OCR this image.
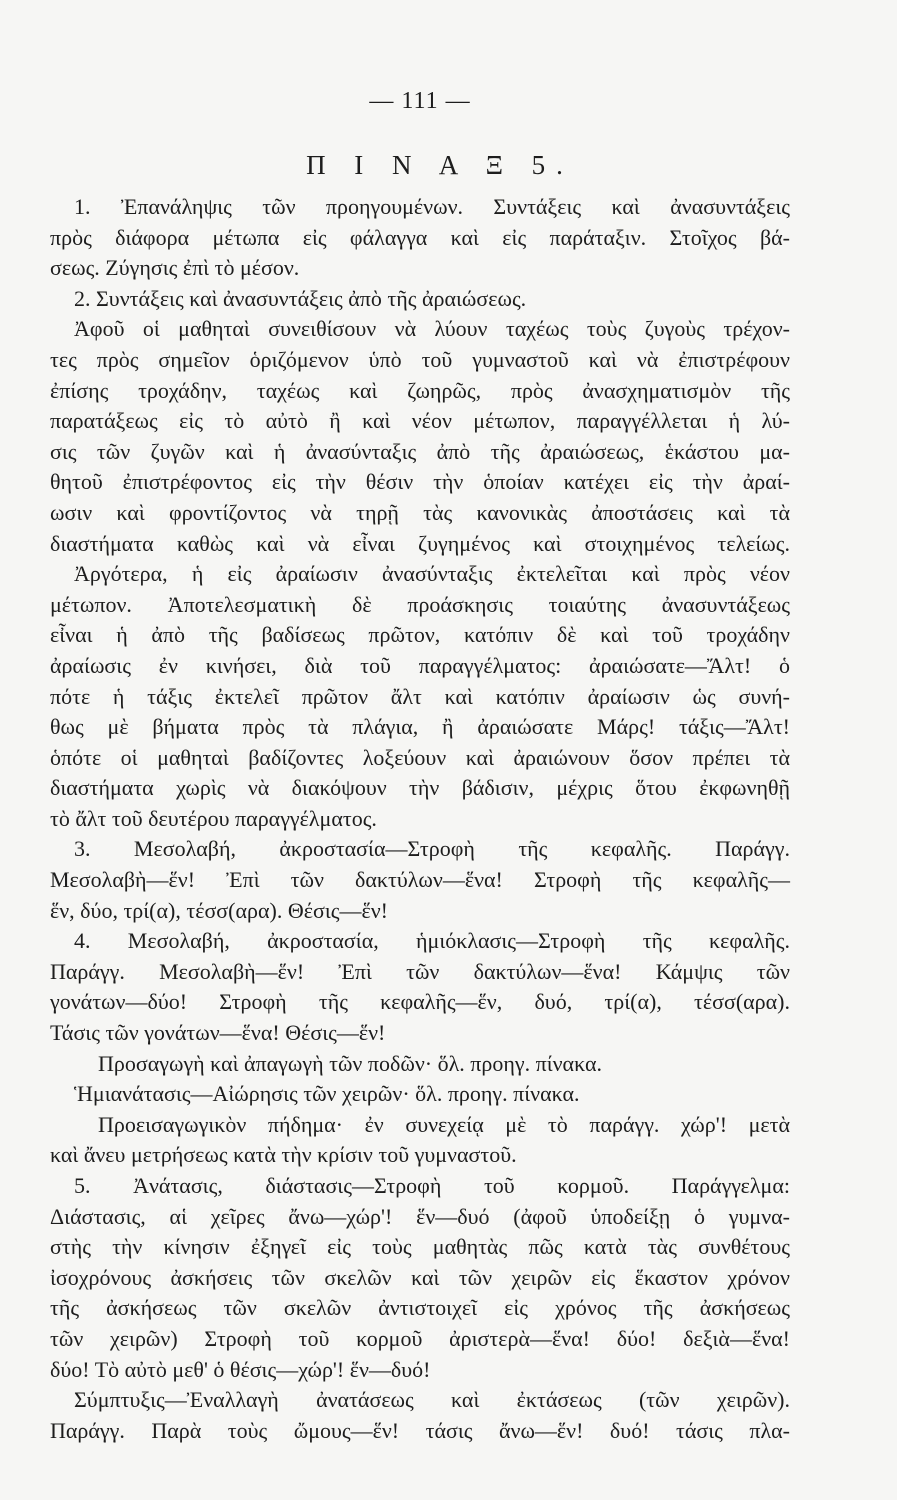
— 111 —
Π Ι Ν Α Ξ 5.
1. Ἐπανάληψις τῶν προηγουμένων. Συντάξεις καὶ ἀνασυντάξεις
πρὸς διάφορα μέτωπα εἰς φάλαγγα καὶ εἰς παράταξιν. Στοῖχος βά-
σεως. Ζύγησις ἐπὶ τὸ μέσον.
2. Συντάξεις καὶ ἀνασυντάξεις ἀπὸ τῆς ἀραιώσεως.
Ἀφοῦ οἱ μαθηταὶ συνειθίσουν νὰ λύουν ταχέως τοὺς ζυγοὺς τρέχον-
τες πρὸς σημεῖον ὁριζόμενον ὑπὸ τοῦ γυμναστοῦ καὶ νὰ ἐπιστρέφουν
ἐπίσης τροχάδην, ταχέως καὶ ζωηρῶς, πρὸς ἀνασχηματισμὸν τῆς
παρατάξεως εἰς τὸ αὐτὸ ἢ καὶ νέον μέτωπον, παραγγέλλεται ἡ λύ-
σις τῶν ζυγῶν καὶ ἡ ἀνασύνταξις ἀπὸ τῆς ἀραιώσεως, ἑκάστου μα-
θητοῦ ἐπιστρέφοντος εἰς τὴν θέσιν τὴν ὁποίαν κατέχει εἰς τὴν ἀραί-
ωσιν καὶ φροντίζοντος νὰ τηρῇ τὰς κανονικὰς ἀποστάσεις καὶ τὰ
διαστήματα καθὼς καὶ νὰ εἶναι ζυγημένος καὶ στοιχημένος τελείως.
Ἀργότερα, ἡ εἰς ἀραίωσιν ἀνασύνταξις ἐκτελεῖται καὶ πρὸς νέον
μέτωπον. Ἀποτελεσματικὴ δὲ προάσκησις τοιαύτης ἀνασυντάξεως
εἶναι ἡ ἀπὸ τῆς βαδίσεως πρῶτον, κατόπιν δὲ καὶ τοῦ τροχάδην
ἀραίωσις ἐν κινήσει, διὰ τοῦ παραγγέλματος: ἀραιώσατε—Ἄλτ! ὁ
πότε ἡ τάξις ἐκτελεῖ πρῶτον ἄλτ καὶ κατόπιν ἀραίωσιν ὡς συνή-
θως μὲ βήματα πρὸς τὰ πλάγια, ἢ ἀραιώσατε Μάρς! τάξις—Ἄλτ!
ὁπότε οἱ μαθηταὶ βαδίζοντες λοξεύουν καὶ ἀραιώνουν ὅσον πρέπει τὰ
διαστήματα χωρὶς νὰ διακόψουν τὴν βάδισιν, μέχρις ὅτου ἐκφωνηθῇ
τὸ ἄλτ τοῦ δευτέρου παραγγέλματος.
3. Μεσολαβή, ἀκροστασία—Στροφὴ τῆς κεφαλῆς. Παράγγ.
Μεσολαβὴ—ἕν! Ἐπὶ τῶν δακτύλων—ἕνα! Στροφὴ τῆς κεφαλῆς—
ἕν, δύο, τρί(α), τέσσ(αρα). Θέσις—ἕν!
4. Μεσολαβή, ἀκροστασία, ἡμιόκλασις—Στροφὴ τῆς κεφαλῆς.
Παράγγ. Μεσολαβὴ—ἕν! Ἐπὶ τῶν δακτύλων—ἕνα! Κάμψις τῶν
γονάτων—δύο! Στροφὴ τῆς κεφαλῆς—ἕν, δυό, τρί(α), τέσσ(αρα).
Τάσις τῶν γονάτων—ἕνα! Θέσις—ἕν!
Προσαγωγὴ καὶ ἀπαγωγὴ τῶν ποδῶν· ὅλ. προηγ. πίνακα.
Ἡμιανάτασις—Αἰώρησις τῶν χειρῶν· ὅλ. προηγ. πίνακα.
Προεισαγωγικὸν πήδημα· ἐν συνεχείᾳ μὲ τὸ παράγγ. χώρ'! μετὰ
καὶ ἄνευ μετρήσεως κατὰ τὴν κρίσιν τοῦ γυμναστοῦ.
5. Ἀνάτασις, διάστασις—Στροφὴ τοῦ κορμοῦ. Παράγγελμα:
Διάστασις, αἱ χεῖρες ἄνω—χώρ'! ἕν—δυό (ἀφοῦ ὑποδείξῃ ὁ γυμνα-
στὴς τὴν κίνησιν ἐξηγεῖ εἰς τοὺς μαθητὰς πῶς κατὰ τὰς συνθέτους
ἰσοχρόνους ἀσκήσεις τῶν σκελῶν καὶ τῶν χειρῶν εἰς ἕκαστον χρόνον
τῆς ἀσκήσεως τῶν σκελῶν ἀντιστοιχεῖ εἰς χρόνος τῆς ἀσκήσεως
τῶν χειρῶν) Στροφὴ τοῦ κορμοῦ ἀριστερὰ—ἕνα! δύο! δεξιὰ—ἕνα!
δύο! Τὸ αὐτὸ μεθ' ὁ θέσις—χώρ'! ἕν—δυό!
Σύμπτυξις—Ἐναλλαγὴ ἀνατάσεως καὶ ἐκτάσεως (τῶν χειρῶν).
Παράγγ. Παρὰ τοὺς ὤμους—ἕν! τάσις ἄνω—ἕν! δυό! τάσις πλα-
